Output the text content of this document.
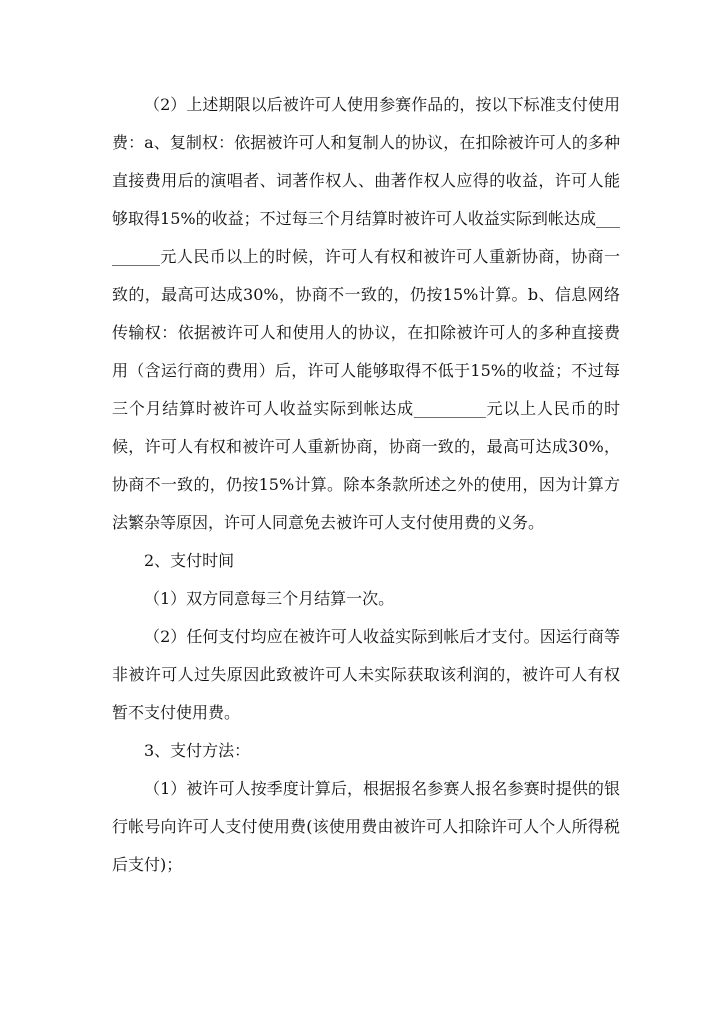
（2）上述期限以后被许可人使用参赛作品的，按以下标准支付使用费：a、复制权：依据被许可人和复制人的协议，在扣除被许可人的多种直接费用后的演唱者、词著作权人、曲著作权人应得的收益，许可人能够取得15%的收益；不过每三个月结算时被许可人收益实际到帐达成_________元人民币以上的时候，许可人有权和被许可人重新协商，协商一致的，最高可达成30%，协商不一致的，仍按15%计算。b、信息网络传输权：依据被许可人和使用人的协议，在扣除被许可人的多种直接费用（含运行商的费用）后，许可人能够取得不低于15%的收益；不过每三个月结算时被许可人收益实际到帐达成_________元以上人民币的时候，许可人有权和被许可人重新协商，协商一致的，最高可达成30%，协商不一致的，仍按15%计算。除本条款所述之外的使用，因为计算方法繁杂等原因，许可人同意免去被许可人支付使用费的义务。

2、支付时间

（1）双方同意每三个月结算一次。

（2）任何支付均应在被许可人收益实际到帐后才支付。因运行商等非被许可人过失原因此致被许可人未实际获取该利润的，被许可人有权暂不支付使用费。

3、支付方法：

（1）被许可人按季度计算后，根据报名参赛人报名参赛时提供的银行帐号向许可人支付使用费(该使用费由被许可人扣除许可人个人所得税后支付)；
